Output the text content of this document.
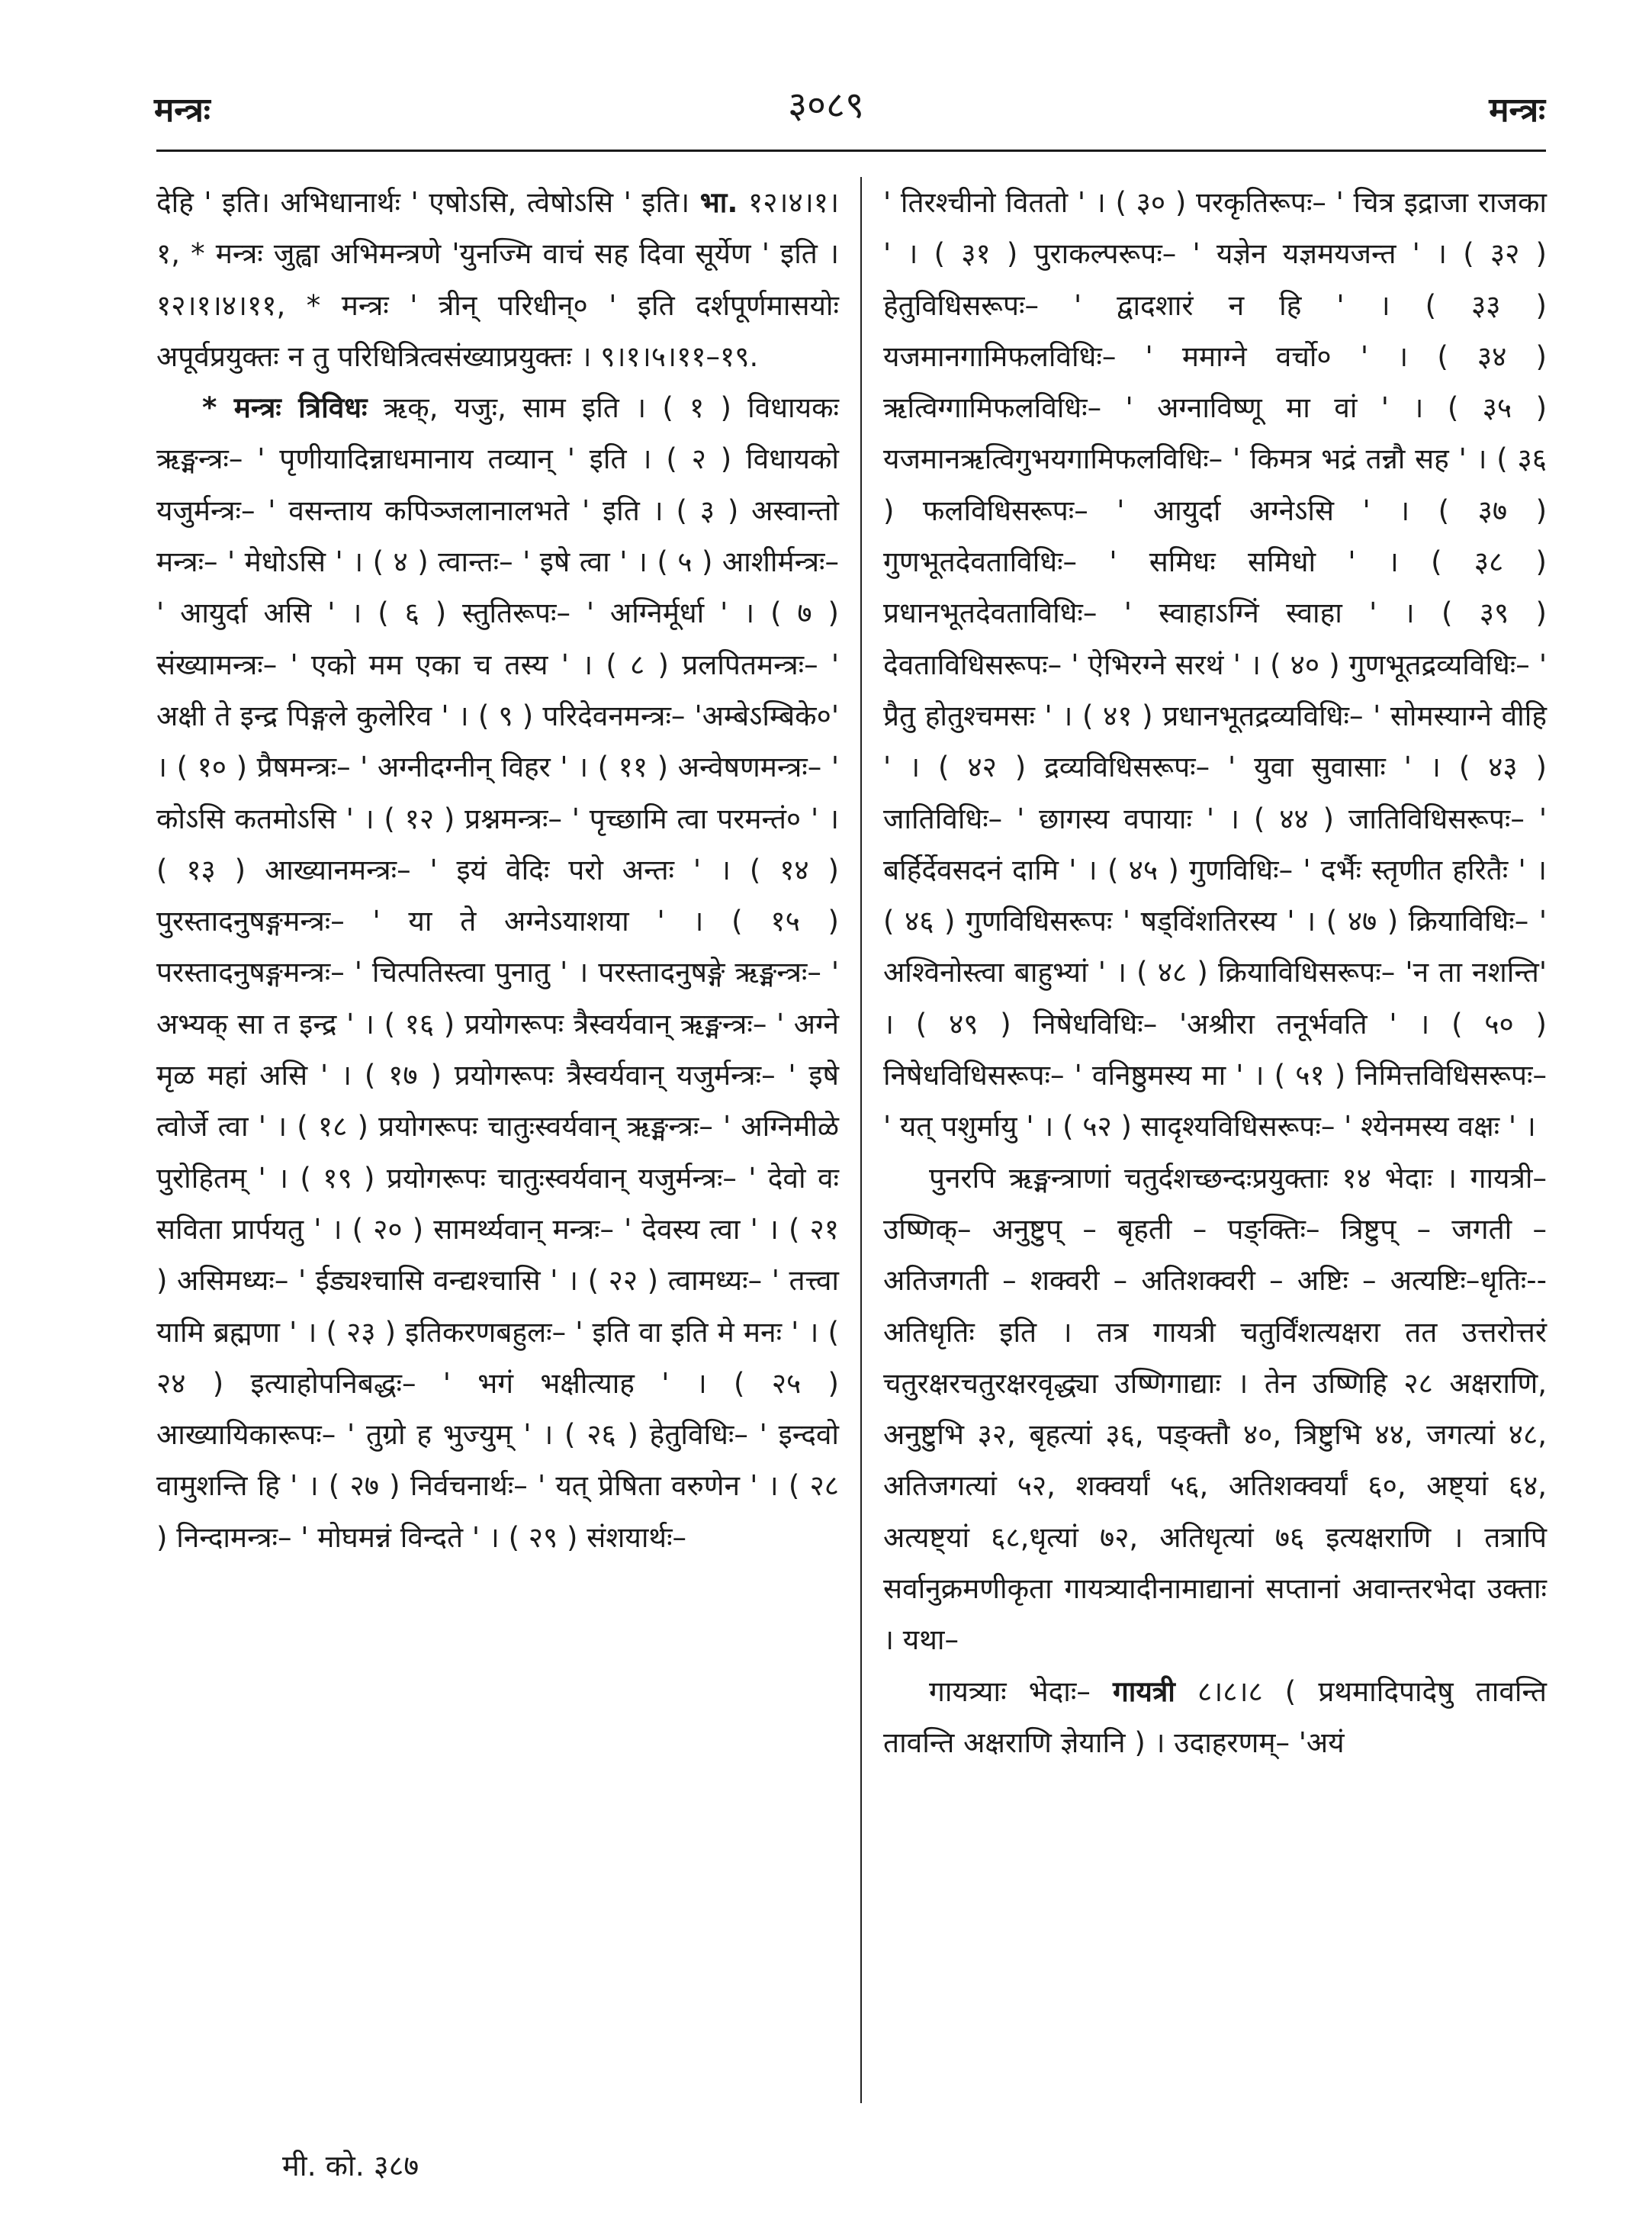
मन्त्रः	३०८९	मन्त्रः

देहि ' इति। अभिधानार्थः ' एषोऽसि, त्वेषोऽसि ' इति। भा. १२।४।१।१, * मन्त्रः जुह्वा अभिमन्त्रणे 'युनज्मि वाचं सह दिवा सूर्येण ' इति । १२।१।४।११, * मन्त्रः ' त्रीन् परिधीन्० ' इति दर्शपूर्णमासयोः अपूर्वप्रयुक्तः न तु परिधित्रित्वसंख्याप्रयुक्तः । ९।१।५।११–१९.

* मन्त्रः त्रिविधः ऋक्, यजुः, साम इति । ( १ ) विधायकः ऋङ्मन्त्रः– ' पृणीयादिन्नाधमानाय तव्यान् ' इति । ( २ ) विधायको यजुर्मन्त्रः– ' वसन्ताय कपिञ्जलानालभते ' इति । ( ३ ) अस्वान्तो मन्त्रः– ' मेधोऽसि ' । ( ४ ) त्वान्तः– ' इषे त्वा ' । ( ५ ) आशीर्मन्त्रः– ' आयुर्दा असि ' । ( ६ ) स्तुतिरूपः– ' अग्निर्मूर्धा ' । ( ७ ) संख्यामन्त्रः– ' एको मम एका च तस्य ' । ( ८ ) प्रलपितमन्त्रः– ' अक्षी ते इन्द्र पिङ्गले कुलेरिव ' । ( ९ ) परिदेवनमन्त्रः– 'अम्बेऽम्बिके०' । ( १० ) प्रैषमन्त्रः– ' अग्नीदग्नीन् विहर ' । ( ११ ) अन्वेषणमन्त्रः– ' कोऽसि कतमोऽसि ' । ( १२ ) प्रश्नमन्त्रः– ' पृच्छामि त्वा परमन्तं० ' । ( १३ ) आख्यानमन्त्रः– ' इयं वेदिः परो अन्तः ' । ( १४ ) पुरस्तादनुषङ्गमन्त्रः– ' या ते अग्नेऽयाशया ' । ( १५ ) परस्तादनुषङ्गमन्त्रः– ' चित्पतिस्त्वा पुनातु ' । परस्तादनुषङ्गे ऋङ्मन्त्रः– ' अभ्यक् सा त इन्द्र ' । ( १६ ) प्रयोगरूपः त्रैस्वर्यवान् ऋङ्मन्त्रः– ' अग्ने मृळ महां असि ' । ( १७ ) प्रयोगरूपः त्रैस्वर्यवान् यजुर्मन्त्रः– ' इषे त्वोर्जे त्वा ' । ( १८ ) प्रयोगरूपः चातुःस्वर्यवान् ऋङ्मन्त्रः– ' अग्निमीळे पुरोहितम् ' । ( १९ ) प्रयोगरूपः चातुःस्वर्यवान् यजुर्मन्त्रः– ' देवो वः सविता प्रार्पयतु ' । ( २० ) सामर्थ्यवान् मन्त्रः– ' देवस्य त्वा ' । ( २१ ) असिमध्यः– ' ईड्यश्चासि वन्द्यश्चासि ' । ( २२ ) त्वामध्यः– ' तत्त्वा यामि ब्रह्मणा ' । ( २३ ) इतिकरणबहुलः– ' इति वा इति मे मनः ' । ( २४ ) इत्याहोपनिबद्धः– ' भगं भक्षीत्याह ' । ( २५ ) आख्यायिकारूपः– ' तुग्रो ह भुज्युम् ' । ( २६ ) हेतुविधिः– ' इन्दवो वामुशन्ति हि ' । ( २७ ) निर्वचनार्थः– ' यत् प्रेषिता वरुणेन ' । ( २८ ) निन्दामन्त्रः– ' मोघमन्नं विन्दते ' । ( २९ ) संशयार्थः–

' तिरश्चीनो विततो ' । ( ३० ) परकृतिरूपः– ' चित्र इद्राजा राजका ' । ( ३१ ) पुराकल्परूपः– ' यज्ञेन यज्ञमयजन्त ' । ( ३२ ) हेतुविधिसरूपः– ' द्वादशारं न हि ' । ( ३३ ) यजमानगामिफलविधिः– ' ममाग्ने वर्चो० ' । ( ३४ ) ऋत्विग्गामिफलविधिः– ' अग्नाविष्णू मा वां ' । ( ३५ ) यजमानऋत्विगुभयगामिफलविधिः– ' किमत्र भद्रं तन्नौ सह ' । ( ३६ ) फलविधिसरूपः– ' आयुर्दा अग्नेऽसि ' । ( ३७ ) गुणभूतदेवताविधिः– ' समिधः समिधो ' । ( ३८ ) प्रधानभूतदेवताविधिः– ' स्वाहाऽग्निं स्वाहा ' । ( ३९ ) देवताविधिसरूपः– ' ऐभिरग्ने सरथं ' । ( ४० ) गुणभूतद्रव्यविधिः– ' प्रैतु होतुश्चमसः ' । ( ४१ ) प्रधानभूतद्रव्यविधिः– ' सोमस्याग्ने वीहि ' । ( ४२ ) द्रव्यविधिसरूपः– ' युवा सुवासाः ' । ( ४३ ) जातिविधिः– ' छागस्य वपायाः ' । ( ४४ ) जातिविधिसरूपः– ' बर्हिर्देवसदनं दामि ' । ( ४५ ) गुणविधिः– ' दर्भैः स्तृणीत हरितैः ' । ( ४६ ) गुणविधिसरूपः ' षड्विंशतिरस्य ' । ( ४७ ) क्रियाविधिः– ' अश्विनोस्त्वा बाहुभ्यां ' । ( ४८ ) क्रियाविधिसरूपः– 'न ता नशन्ति' । ( ४९ ) निषेधविधिः– 'अश्रीरा तनूर्भवति ' । ( ५० ) निषेधविधिसरूपः– ' वनिष्ठुमस्य मा ' । ( ५१ ) निमित्तविधिसरूपः– ' यत् पशुर्मायु ' । ( ५२ ) सादृश्यविधिसरूपः– ' श्येनमस्य वक्षः ' ।

पुनरपि ऋङ्मन्त्राणां चतुर्दशच्छन्दःप्रयुक्ताः १४ भेदाः । गायत्री– उष्णिक्– अनुष्टुप् – बृहती – पङ्क्तिः– त्रिष्टुप् – जगती – अतिजगती – शक्वरी – अतिशक्वरी – अष्टिः – अत्यष्टिः–धृतिः--अतिधृतिः इति । तत्र गायत्री चतुर्विंशत्यक्षरा तत उत्तरोत्तरं चतुरक्षरचतुरक्षरवृद्ध्या उष्णिगाद्याः । तेन उष्णिहि २८ अक्षराणि, अनुष्टुभि ३२, बृहत्यां ३६, पङ्क्तौ ४०, त्रिष्टुभि ४४, जगत्यां ४८, अतिजगत्यां ५२, शक्वर्यां ५६, अतिशक्वर्यां ६०, अष्ट्यां ६४, अत्यष्ट्यां ६८,धृत्यां ७२, अतिधृत्यां ७६ इत्यक्षराणि । तत्रापि सर्वानुक्रमणीकृता गायत्र्यादीनामाद्यानां सप्तानां अवान्तरभेदा उक्ताः । यथा–

गायत्र्याः भेदाः– गायत्री ८।८।८ ( प्रथमादिपादेषु तावन्ति तावन्ति अक्षराणि ज्ञेयानि ) । उदाहरणम्– 'अयं

मी. को. ३८७
